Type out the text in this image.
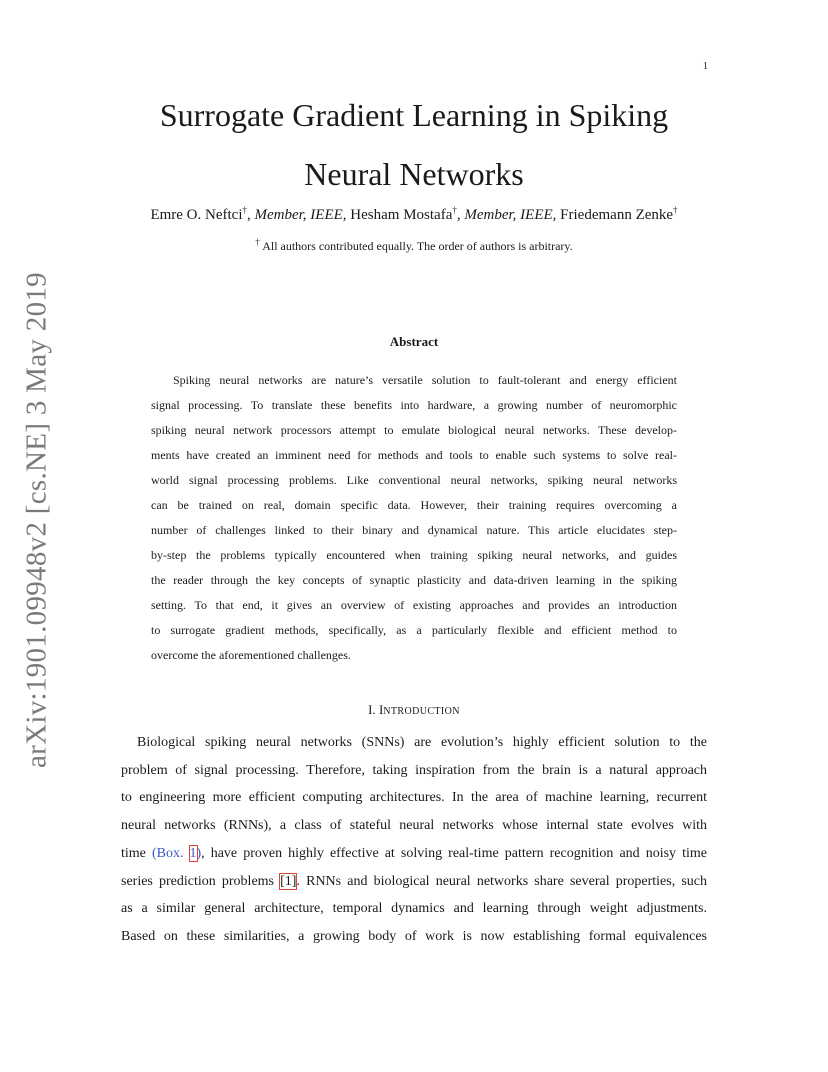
1
arXiv:1901.09948v2 [cs.NE] 3 May 2019
Surrogate Gradient Learning in Spiking
Neural Networks
Emre O. Neftci†, Member, IEEE, Hesham Mostafa†, Member, IEEE, Friedemann Zenke†
† All authors contributed equally. The order of authors is arbitrary.
Abstract
Spiking neural networks are nature’s versatile solution to fault-tolerant and energy efficient
signal processing. To translate these benefits into hardware, a growing number of neuromorphic
spiking neural network processors attempt to emulate biological neural networks. These develop-
ments have created an imminent need for methods and tools to enable such systems to solve real-
world signal processing problems. Like conventional neural networks, spiking neural networks
can be trained on real, domain specific data. However, their training requires overcoming a
number of challenges linked to their binary and dynamical nature. This article elucidates step-
by-step the problems typically encountered when training spiking neural networks, and guides
the reader through the key concepts of synaptic plasticity and data-driven learning in the spiking
setting. To that end, it gives an overview of existing approaches and provides an introduction
to surrogate gradient methods, specifically, as a particularly flexible and efficient method to
overcome the aforementioned challenges.
I. INTRODUCTION
Biological spiking neural networks (SNNs) are evolution’s highly efficient solution to the
problem of signal processing. Therefore, taking inspiration from the brain is a natural approach
to engineering more efficient computing architectures. In the area of machine learning, recurrent
neural networks (RNNs), a class of stateful neural networks whose internal state evolves with
time (Box. 1), have proven highly effective at solving real-time pattern recognition and noisy time
series prediction problems [1]. RNNs and biological neural networks share several properties, such
as a similar general architecture, temporal dynamics and learning through weight adjustments.
Based on these similarities, a growing body of work is now establishing formal equivalences
